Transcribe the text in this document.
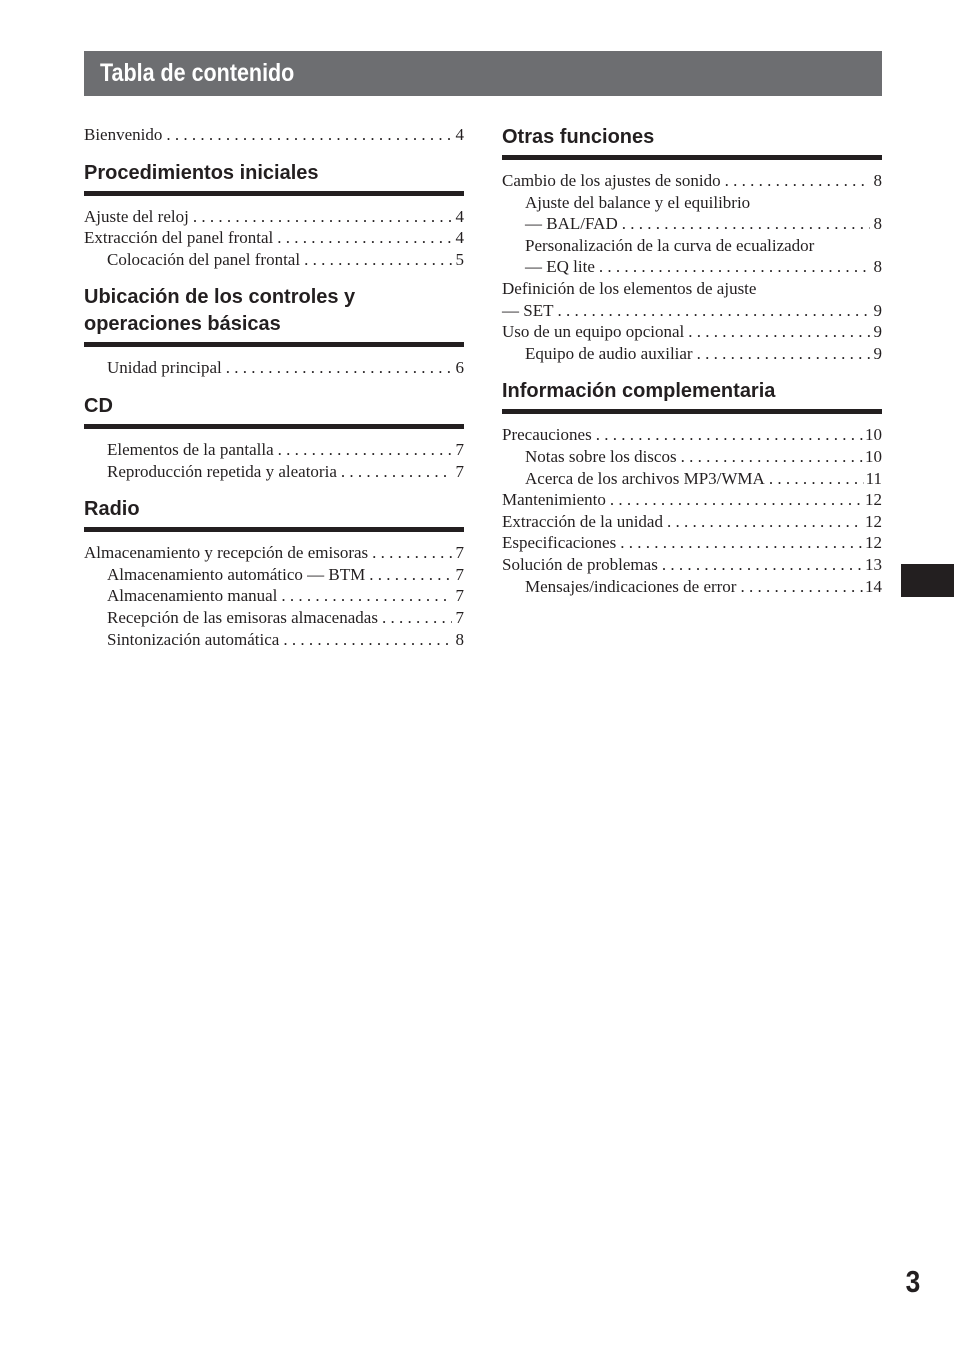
Tabla de contenido
Bienvenido . . .	4
Procedimientos iniciales
Ajuste del reloj . . .	4
Extracción del panel frontal . . .	4
Colocación del panel frontal . . .	5
Ubicación de los controles y
operaciones básicas
Unidad principal . . .	6
CD
Elementos de la pantalla . . .	7
Reproducción repetida y aleatoria . . .	7
Radio
Almacenamiento y recepción de emisoras . . .	7
Almacenamiento automático — BTM . . .	7
Almacenamiento manual . . .	7
Recepción de las emisoras almacenadas . . .	7
Sintonización automática . . .	8
Otras funciones
Cambio de los ajustes de sonido . . .	8
Ajuste del balance y el equilibrio
— BAL/FAD . . .	8
Personalización de la curva de ecualizador
— EQ lite . . .	8
Definición de los elementos de ajuste
— SET . . .	9
Uso de un equipo opcional . . .	9
Equipo de audio auxiliar . . .	9
Información complementaria
Precauciones . . .	10
Notas sobre los discos . . .	10
Acerca de los archivos MP3/WMA . . .	11
Mantenimiento . . .	12
Extracción de la unidad . . .	12
Especificaciones . . .	12
Solución de problemas . . .	13
Mensajes/indicaciones de error . . .	14
3
